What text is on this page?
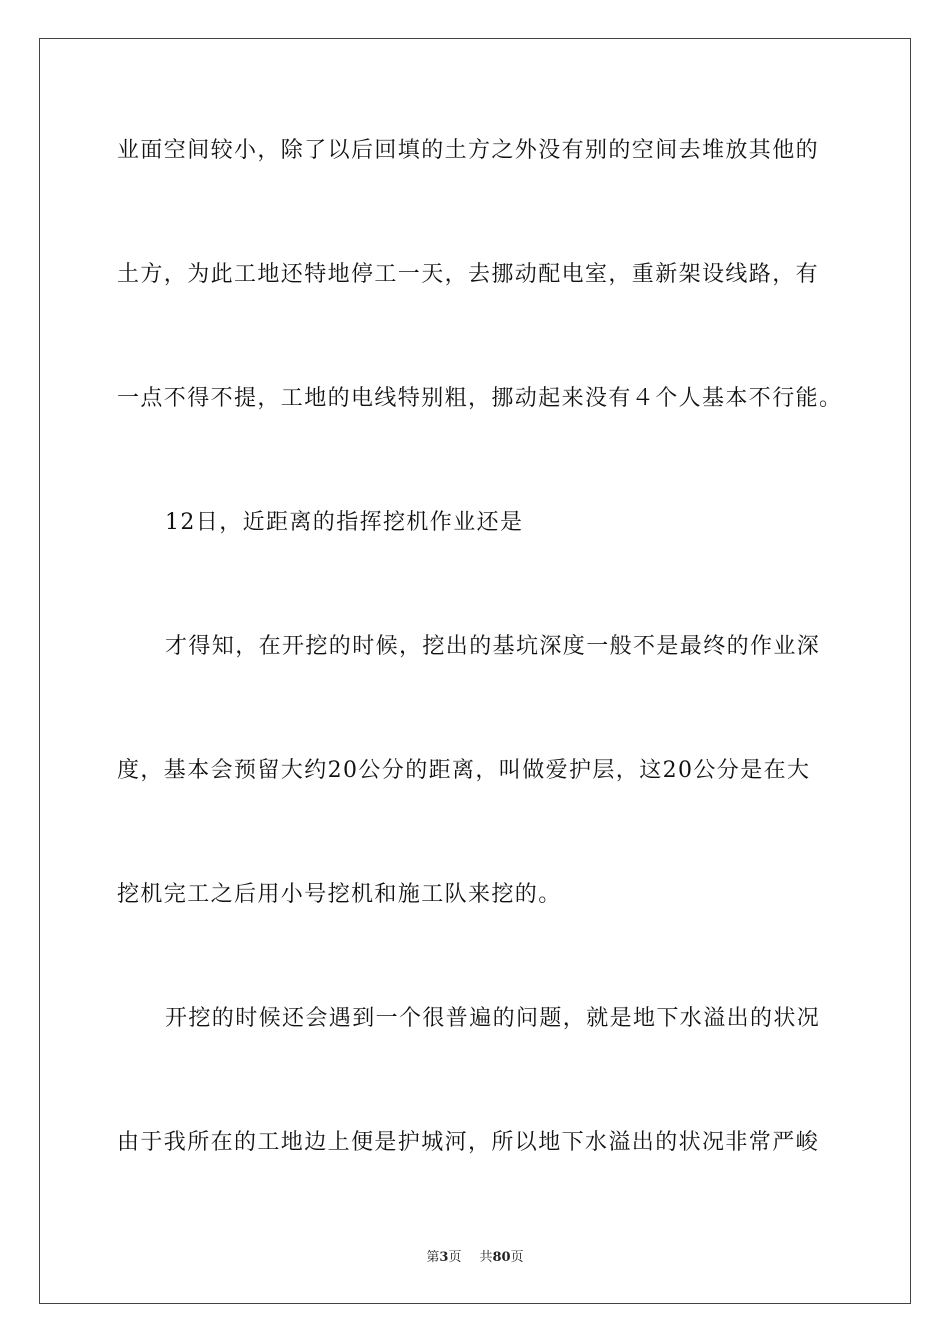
业面空间较小，除了以后回填的土方之外没有别的空间去堆放其他的
土方，为此工地还特地停工一天，去挪动配电室，重新架设线路，有
一点不得不提，工地的电线特别粗，挪动起来没有４个人基本不行能。
12日，近距离的指挥挖机作业还是
才得知，在开挖的时候，挖出的基坑深度一般不是最终的作业深
度，基本会预留大约20公分的距离，叫做爱护层，这20公分是在大
挖机完工之后用小号挖机和施工队来挖的。
开挖的时候还会遇到一个很普遍的问题，就是地下水溢出的状况
由于我所在的工地边上便是护城河，所以地下水溢出的状况非常严峻
第3页 共80页
